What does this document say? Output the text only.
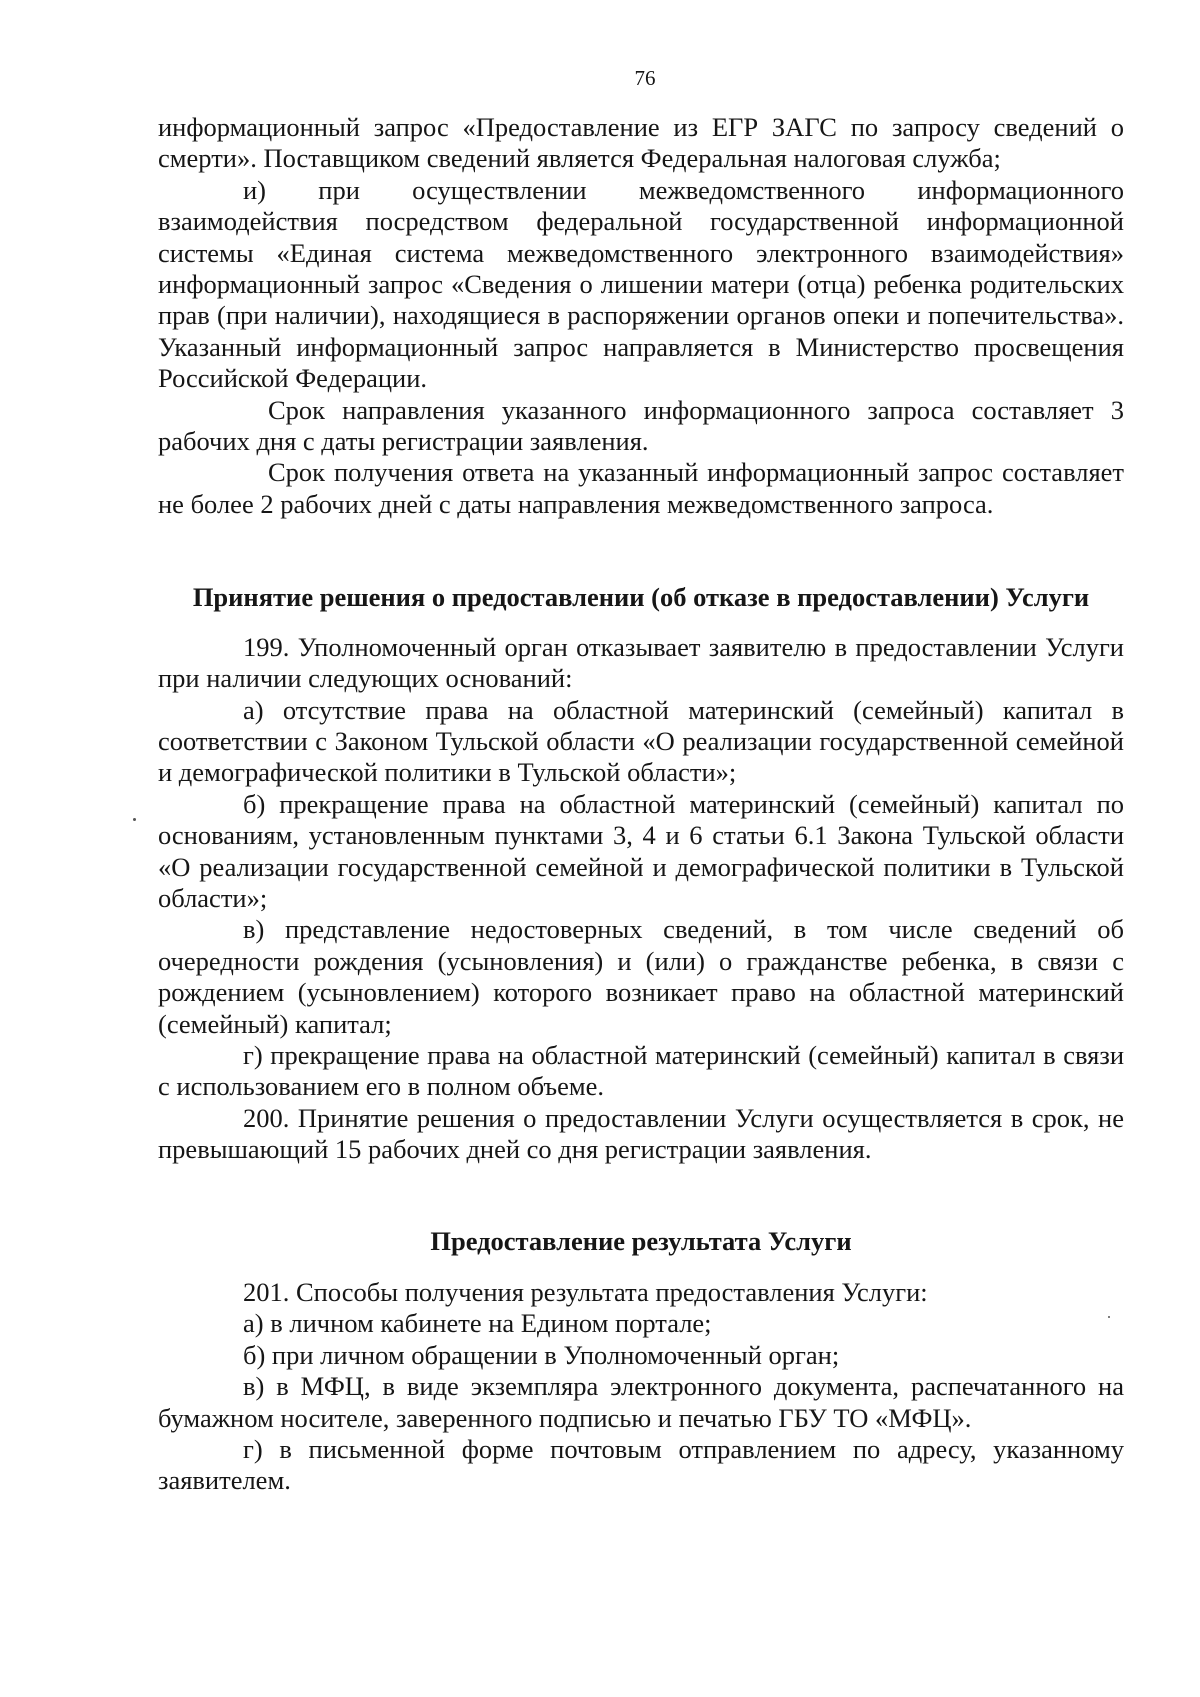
76

информационный запрос «Предоставление из ЕГР ЗАГС по запросу сведений о смерти». Поставщиком сведений является Федеральная налоговая служба;

и) при осуществлении межведомственного информационного взаимодействия посредством федеральной государственной информационной системы «Единая система межведомственного электронного взаимодействия» информационный запрос «Сведения о лишении матери (отца) ребенка родительских прав (при наличии), находящиеся в распоряжении органов опеки и попечительства». Указанный информационный запрос направляется в Министерство просвещения Российской Федерации.

Срок направления указанного информационного запроса составляет 3 рабочих дня с даты регистрации заявления.

Срок получения ответа на указанный информационный запрос составляет не более 2 рабочих дней с даты направления межведомственного запроса.

Принятие решения о предоставлении (об отказе в предоставлении) Услуги

199. Уполномоченный орган отказывает заявителю в предоставлении Услуги при наличии следующих оснований:

а) отсутствие права на областной материнский (семейный) капитал в соответствии с Законом Тульской области «О реализации государственной семейной и демографической политики в Тульской области»;

б) прекращение права на областной материнский (семейный) капитал по основаниям, установленным пунктами 3, 4 и 6 статьи 6.1 Закона Тульской области «О реализации государственной семейной и демографической политики в Тульской области»;

в) представление недостоверных сведений, в том числе сведений об очередности рождения (усыновления) и (или) о гражданстве ребенка, в связи с рождением (усыновлением) которого возникает право на областной материнский (семейный) капитал;

г) прекращение права на областной материнский (семейный) капитал в связи с использованием его в полном объеме.

200. Принятие решения о предоставлении Услуги осуществляется в срок, не превышающий 15 рабочих дней со дня регистрации заявления.

Предоставление результата Услуги

201. Способы получения результата предоставления Услуги:

а) в личном кабинете на Едином портале;

б) при личном обращении в Уполномоченный орган;

в) в МФЦ, в виде экземпляра электронного документа, распечатанного на бумажном носителе, заверенного подписью и печатью ГБУ ТО «МФЦ».

г) в письменной форме почтовым отправлением по адресу, указанному заявителем.
